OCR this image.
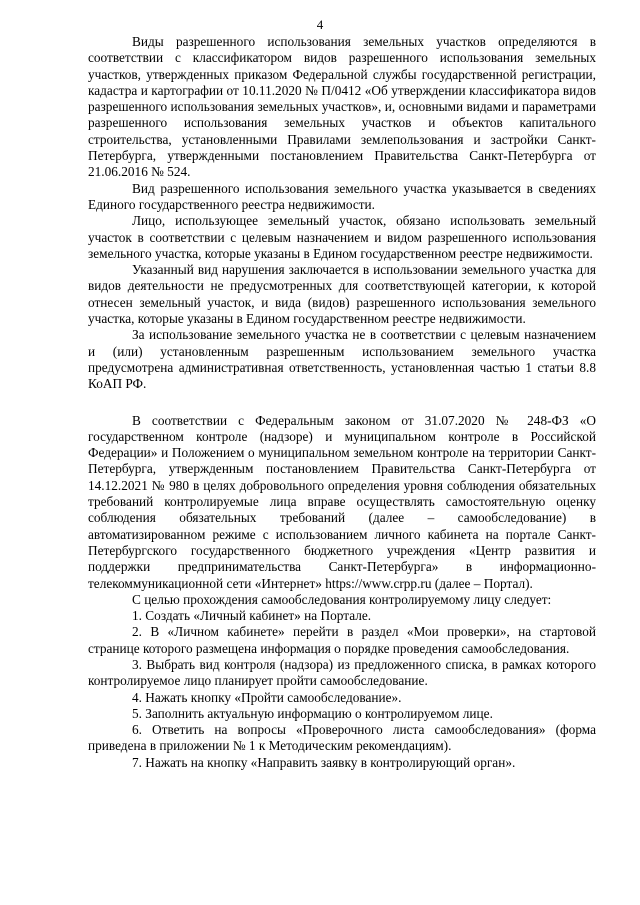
4

Виды разрешенного использования земельных участков определяются в соответствии с классификатором видов разрешенного использования земельных участков, утвержденных приказом Федеральной службы государственной регистрации, кадастра и картографии от 10.11.2020 № П/0412 «Об утверждении классификатора видов разрешенного использования земельных участков», и, основными видами и параметрами разрешенного использования земельных участков и объектов капитального строительства, установленными Правилами землепользования и застройки Санкт-Петербурга, утвержденными постановлением Правительства Санкт-Петербурга от 21.06.2016 № 524.

Вид разрешенного использования земельного участка указывается в сведениях Единого государственного реестра недвижимости.

Лицо, использующее земельный участок, обязано использовать земельный участок в соответствии с целевым назначением и видом разрешенного использования земельного участка, которые указаны в Едином государственном реестре недвижимости.

Указанный вид нарушения заключается в использовании земельного участка для видов деятельности не предусмотренных для соответствующей категории, к которой отнесен земельный участок, и вида (видов) разрешенного использования земельного участка, которые указаны в Едином государственном реестре недвижимости.

За использование земельного участка не в соответствии с целевым назначением и (или) установленным разрешенным использованием земельного участка предусмотрена административная ответственность, установленная частью 1 статьи 8.8 КоАП РФ.

В соответствии с Федеральным законом от 31.07.2020 № 248-ФЗ «О государственном контроле (надзоре) и муниципальном контроле в Российской Федерации» и Положением о муниципальном земельном контроле на территории Санкт-Петербурга, утвержденным постановлением Правительства Санкт-Петербурга от 14.12.2021 № 980 в целях добровольного определения уровня соблюдения обязательных требований контролируемые лица вправе осуществлять самостоятельную оценку соблюдения обязательных требований (далее – самообследование) в автоматизированном режиме с использованием личного кабинета на портале Санкт-Петербургского государственного бюджетного учреждения «Центр развития и поддержки предпринимательства Санкт-Петербурга» в информационно-телекоммуникационной сети «Интернет» https://www.crpp.ru (далее – Портал).

С целью прохождения самообследования контролируемому лицу следует:

1. Создать «Личный кабинет» на Портале.

2. В «Личном кабинете» перейти в раздел «Мои проверки», на стартовой странице которого размещена информация о порядке проведения самообследования.

3. Выбрать вид контроля (надзора) из предложенного списка, в рамках которого контролируемое лицо планирует пройти самообследование.

4. Нажать кнопку «Пройти самообследование».

5. Заполнить актуальную информацию о контролируемом лице.

6. Ответить на вопросы «Проверочного листа самообследования» (форма приведена в приложении № 1 к Методическим рекомендациям).

7. Нажать на кнопку «Направить заявку в контролирующий орган».
